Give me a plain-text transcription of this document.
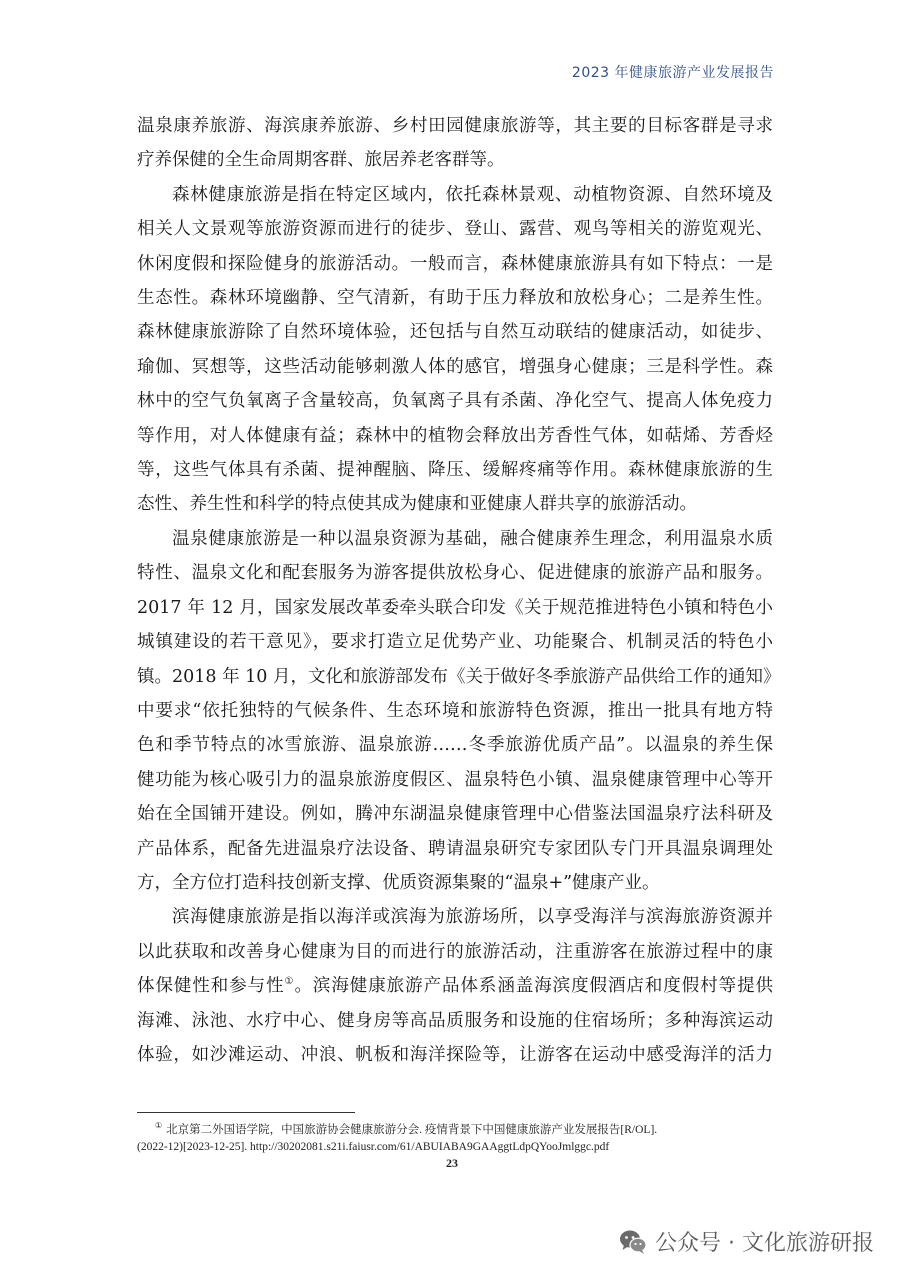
2023 年健康旅游产业发展报告

温泉康养旅游、海滨康养旅游、乡村田园健康旅游等，其主要的目标客群是寻求
疗养保健的全生命周期客群、旅居养老客群等。

森林健康旅游是指在特定区域内，依托森林景观、动植物资源、自然环境及
相关人文景观等旅游资源而进行的徒步、登山、露营、观鸟等相关的游览观光、
休闲度假和探险健身的旅游活动。一般而言，森林健康旅游具有如下特点：一是
生态性。森林环境幽静、空气清新，有助于压力释放和放松身心；二是养生性。
森林健康旅游除了自然环境体验，还包括与自然互动联结的健康活动，如徒步、
瑜伽、冥想等，这些活动能够刺激人体的感官，增强身心健康；三是科学性。森
林中的空气负氧离子含量较高，负氧离子具有杀菌、净化空气、提高人体免疫力
等作用，对人体健康有益；森林中的植物会释放出芳香性气体，如萜烯、芳香烃
等，这些气体具有杀菌、提神醒脑、降压、缓解疼痛等作用。森林健康旅游的生
态性、养生性和科学的特点使其成为健康和亚健康人群共享的旅游活动。

温泉健康旅游是一种以温泉资源为基础，融合健康养生理念，利用温泉水质
特性、温泉文化和配套服务为游客提供放松身心、促进健康的旅游产品和服务。
2017 年 12 月，国家发展改革委牵头联合印发《关于规范推进特色小镇和特色小
城镇建设的若干意见》，要求打造立足优势产业、功能聚合、机制灵活的特色小
镇。2018 年 10 月，文化和旅游部发布《关于做好冬季旅游产品供给工作的通知》
中要求“依托独特的气候条件、生态环境和旅游特色资源，推出一批具有地方特
色和季节特点的冰雪旅游、温泉旅游……冬季旅游优质产品”。以温泉的养生保
健功能为核心吸引力的温泉旅游度假区、温泉特色小镇、温泉健康管理中心等开
始在全国铺开建设。例如，腾冲东湖温泉健康管理中心借鉴法国温泉疗法科研及
产品体系，配备先进温泉疗法设备、聘请温泉研究专家团队专门开具温泉调理处
方，全方位打造科技创新支撑、优质资源集聚的“温泉+”健康产业。

滨海健康旅游是指以海洋或滨海为旅游场所，以享受海洋与滨海旅游资源并
以此获取和改善身心健康为目的而进行的旅游活动，注重游客在旅游过程中的康
体保健性和参与性①。滨海健康旅游产品体系涵盖海滨度假酒店和度假村等提供
海滩、泳池、水疗中心、健身房等高品质服务和设施的住宿场所；多种海滨运动
体验，如沙滩运动、冲浪、帆板和海洋探险等，让游客在运动中感受海洋的活力

① 北京第二外国语学院，中国旅游协会健康旅游分会. 疫情背景下中国健康旅游产业发展报告[R/OL].
(2022-12)[2023-12-25]. http://30202081.s21i.faiusr.com/61/ABUIABA9GAAggtLdpQYooJmlggc.pdf
23
公众号 · 文化旅游研报
